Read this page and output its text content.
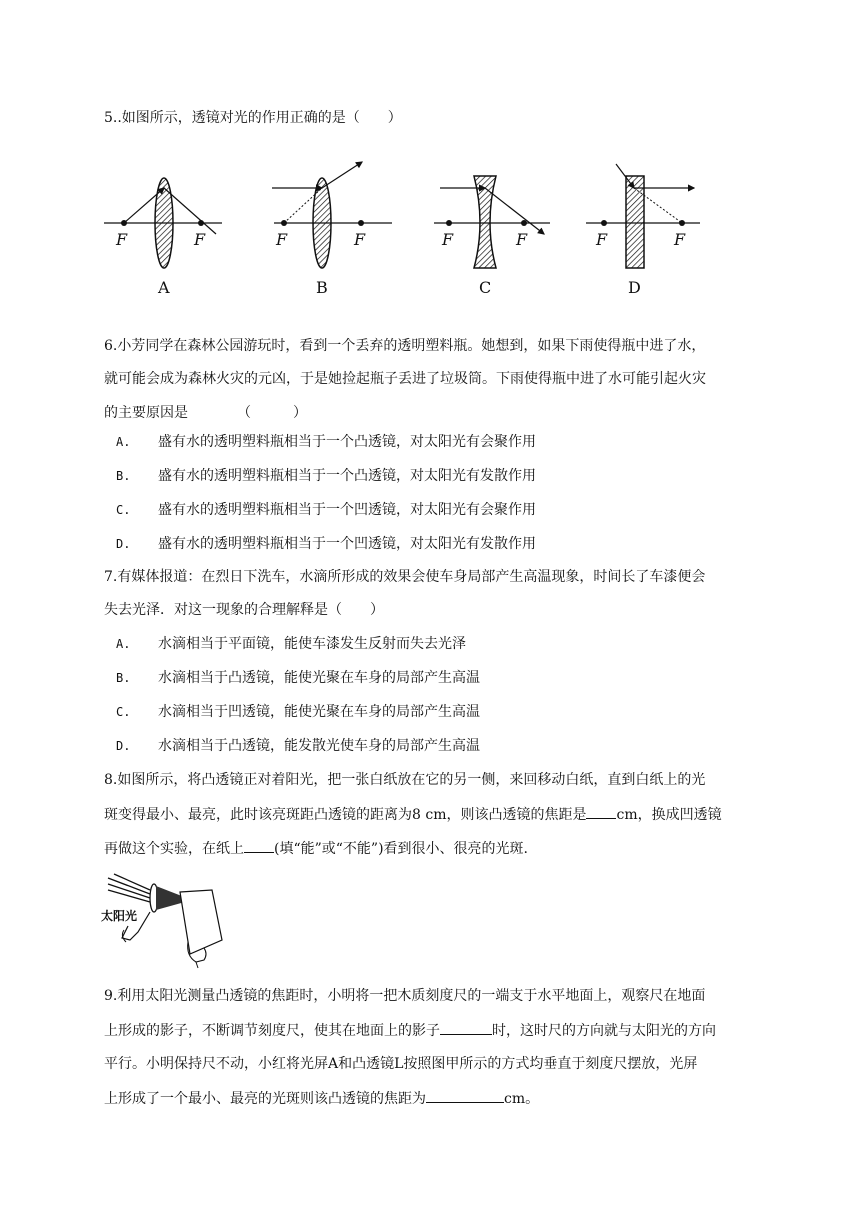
5..如图所示，透镜对光的作用正确的是（　　）
F	F	F	F	F	F	F	F
A	B	C	D
6.小芳同学在森林公园游玩时，看到一个丢弃的透明塑料瓶。她想到，如果下雨使得瓶中进了水，
就可能会成为森林火灾的元凶，于是她捡起瓶子丢进了垃圾筒。下雨使得瓶中进了水可能引起火灾
的主要原因是　　　　（　　　）
A. 盛有水的透明塑料瓶相当于一个凸透镜，对太阳光有会聚作用
B. 盛有水的透明塑料瓶相当于一个凸透镜，对太阳光有发散作用
C. 盛有水的透明塑料瓶相当于一个凹透镜，对太阳光有会聚作用
D. 盛有水的透明塑料瓶相当于一个凹透镜，对太阳光有发散作用
7.有媒体报道：在烈日下洗车，水滴所形成的效果会使车身局部产生高温现象，时间长了车漆便会
失去光泽．对这一现象的合理解释是（　　）
A. 水滴相当于平面镜，能使车漆发生反射而失去光泽
B. 水滴相当于凸透镜，能使光聚在车身的局部产生高温
C. 水滴相当于凹透镜，能使光聚在车身的局部产生高温
D. 水滴相当于凸透镜，能发散光使车身的局部产生高温
8.如图所示，将凸透镜正对着阳光，把一张白纸放在它的另一侧，来回移动白纸，直到白纸上的光
斑变得最小、最亮，此时该亮斑距凸透镜的距离为8 cm，则该凸透镜的焦距是 cm，换成凹透镜
再做这个实验，在纸上 (填“能”或“不能”)看到很小、很亮的光斑.
太阳光
9.利用太阳光测量凸透镜的焦距时，小明将一把木质刻度尺的一端支于水平地面上，观察尺在地面
上形成的影子，不断调节刻度尺，使其在地面上的影子	时，这时尺的方向就与太阳光的方向
平行。小明保持尺不动，小红将光屏A和凸透镜L按照图甲所示的方式均垂直于刻度尺摆放，光屏
上形成了一个最小、最亮的光斑则该凸透镜的焦距为	cm。
